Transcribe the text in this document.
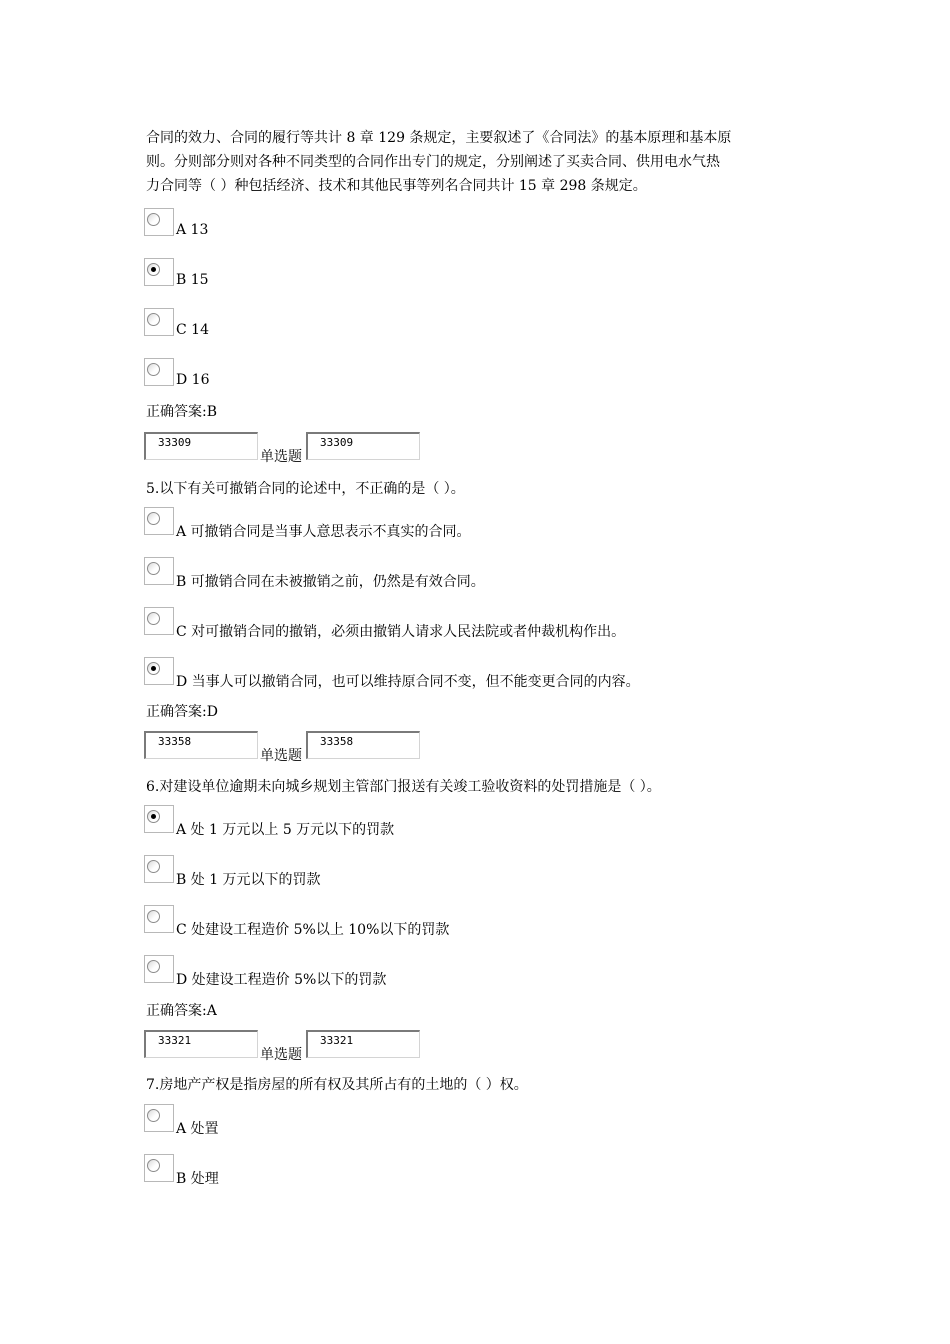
合同的效力、合同的履行等共计 8 章 129 条规定，主要叙述了《合同法》的基本原理和基本原

则。分则部分则对各种不同类型的合同作出专门的规定，分别阐述了买卖合同、供用电水气热

力合同等（ ）种包括经济、技术和其他民事等列名合同共计 15 章 298 条规定。

A 13
B 15
C 14
D 16
正确答案:B
33309
单选题
33309
5.以下有关可撤销合同的论述中，不正确的是（ ）。
A 可撤销合同是当事人意思表示不真实的合同。
B 可撤销合同在未被撤销之前，仍然是有效合同。
C 对可撤销合同的撤销，必须由撤销人请求人民法院或者仲裁机构作出。
D 当事人可以撤销合同，也可以维持原合同不变，但不能变更合同的内容。
正确答案:D
33358
单选题
33358
6.对建设单位逾期未向城乡规划主管部门报送有关竣工验收资料的处罚措施是（ ）。
A 处 1 万元以上 5 万元以下的罚款
B 处 1 万元以下的罚款
C 处建设工程造价 5%以上 10%以下的罚款
D 处建设工程造价 5%以下的罚款
正确答案:A
33321
单选题
33321
7.房地产产权是指房屋的所有权及其所占有的土地的（ ）权。
A 处置
B 处理
